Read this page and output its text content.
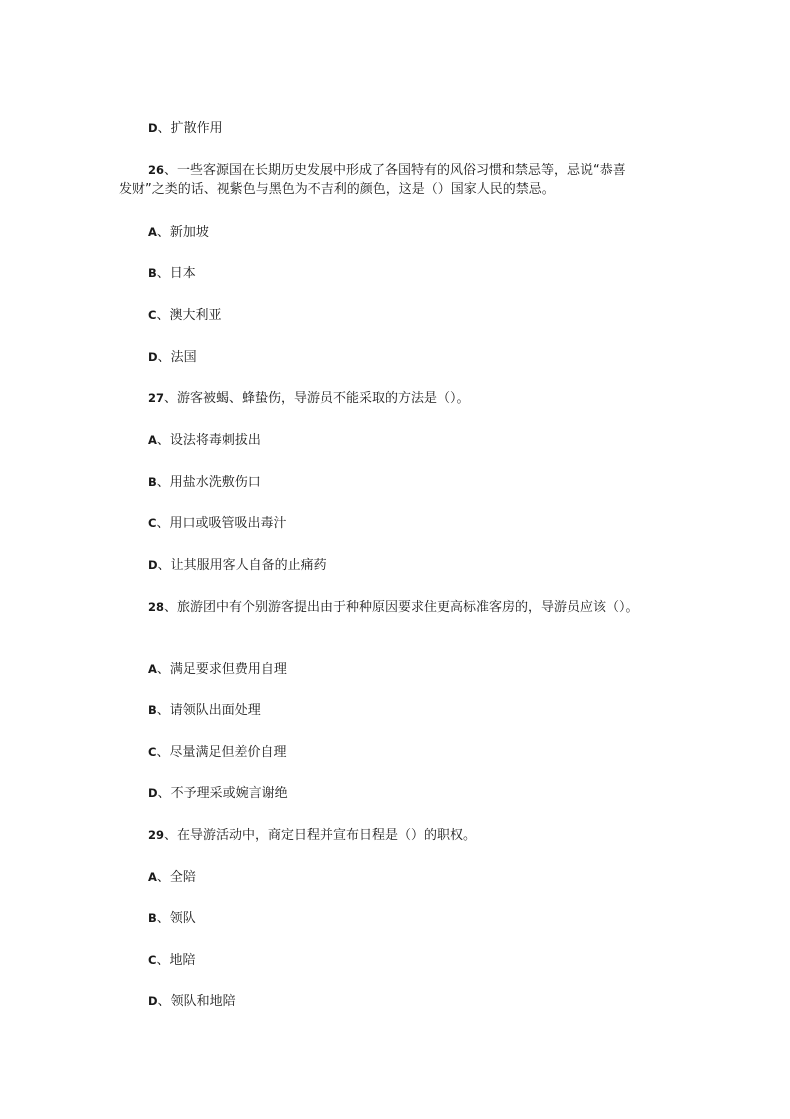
D、扩散作用
26、一些客源国在长期历史发展中形成了各国特有的风俗习惯和禁忌等，忌说“恭喜
发财”之类的话、视紫色与黑色为不吉利的颜色，这是（）国家人民的禁忌。
A、新加坡
B、日本
C、澳大利亚
D、法国
27、游客被蝎、蜂蛰伤，导游员不能采取的方法是（）。
A、设法将毒刺拔出
B、用盐水洗敷伤口
C、用口或吸管吸出毒汁
D、让其服用客人自备的止痛药
28、旅游团中有个别游客提出由于种种原因要求住更高标准客房的，导游员应该（）。
A、满足要求但费用自理
B、请领队出面处理
C、尽量满足但差价自理
D、不予理采或婉言谢绝
29、在导游活动中，商定日程并宣布日程是（）的职权。
A、全陪
B、领队
C、地陪
D、领队和地陪
